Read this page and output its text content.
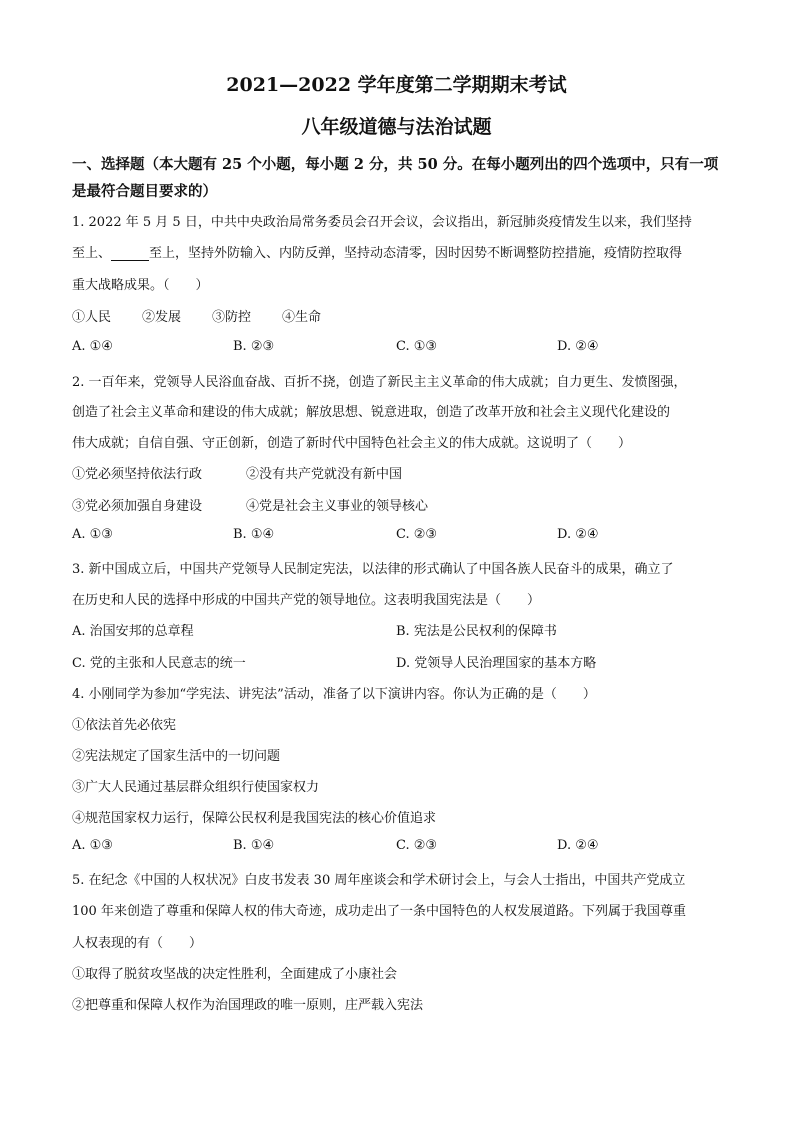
2021—2022 学年度第二学期期末考试
八年级道德与法治试题
一、选择题（本大题有 25 个小题，每小题 2 分，共 50 分。在每小题列出的四个选项中，只有一项是最符合题目要求的）
1. 2022 年 5 月 5 日，中共中央政治局常务委员会召开会议，会议指出，新冠肺炎疫情发生以来，我们坚持
至上、	至上，坚持外防输入、内防反弹，坚持动态清零，因时因势不断调整防控措施，疫情防控取得
重大战略成果。（　　）
①人民 ②发展 ③防控 ④生命
A. ①④	B. ②③	C. ①③	D. ②④
2. 一百年来，党领导人民浴血奋战、百折不挠，创造了新民主主义革命的伟大成就；自力更生、发愤图强，
创造了社会主义革命和建设的伟大成就；解放思想、锐意进取，创造了改革开放和社会主义现代化建设的
伟大成就；自信自强、守正创新，创造了新时代中国特色社会主义的伟大成就。这说明了（　　）
①党必须坚持依法行政	②没有共产党就没有新中国
③党必须加强自身建设	④党是社会主义事业的领导核心
A. ①③	B. ①④	C. ②③	D. ②④
3. 新中国成立后，中国共产党领导人民制定宪法，以法律的形式确认了中国各族人民奋斗的成果，确立了
在历史和人民的选择中形成的中国共产党的领导地位。这表明我国宪法是（　　）
A. 治国安邦的总章程	B. 宪法是公民权利的保障书
C. 党的主张和人民意志的统一	D. 党领导人民治理国家的基本方略
4. 小刚同学为参加“学宪法、讲宪法”活动，准备了以下演讲内容。你认为正确的是（　　）
①依法首先必依宪
②宪法规定了国家生活中的一切问题
③广大人民通过基层群众组织行使国家权力
④规范国家权力运行，保障公民权利是我国宪法的核心价值追求
A. ①③	B. ①④	C. ②③	D. ②④
5. 在纪念《中国的人权状况》白皮书发表 30 周年座谈会和学术研讨会上，与会人士指出，中国共产党成立
100 年来创造了尊重和保障人权的伟大奇迹，成功走出了一条中国特色的人权发展道路。下列属于我国尊重
人权表现的有（　　）
①取得了脱贫攻坚战的决定性胜利，全面建成了小康社会
②把尊重和保障人权作为治国理政的唯一原则，庄严载入宪法
